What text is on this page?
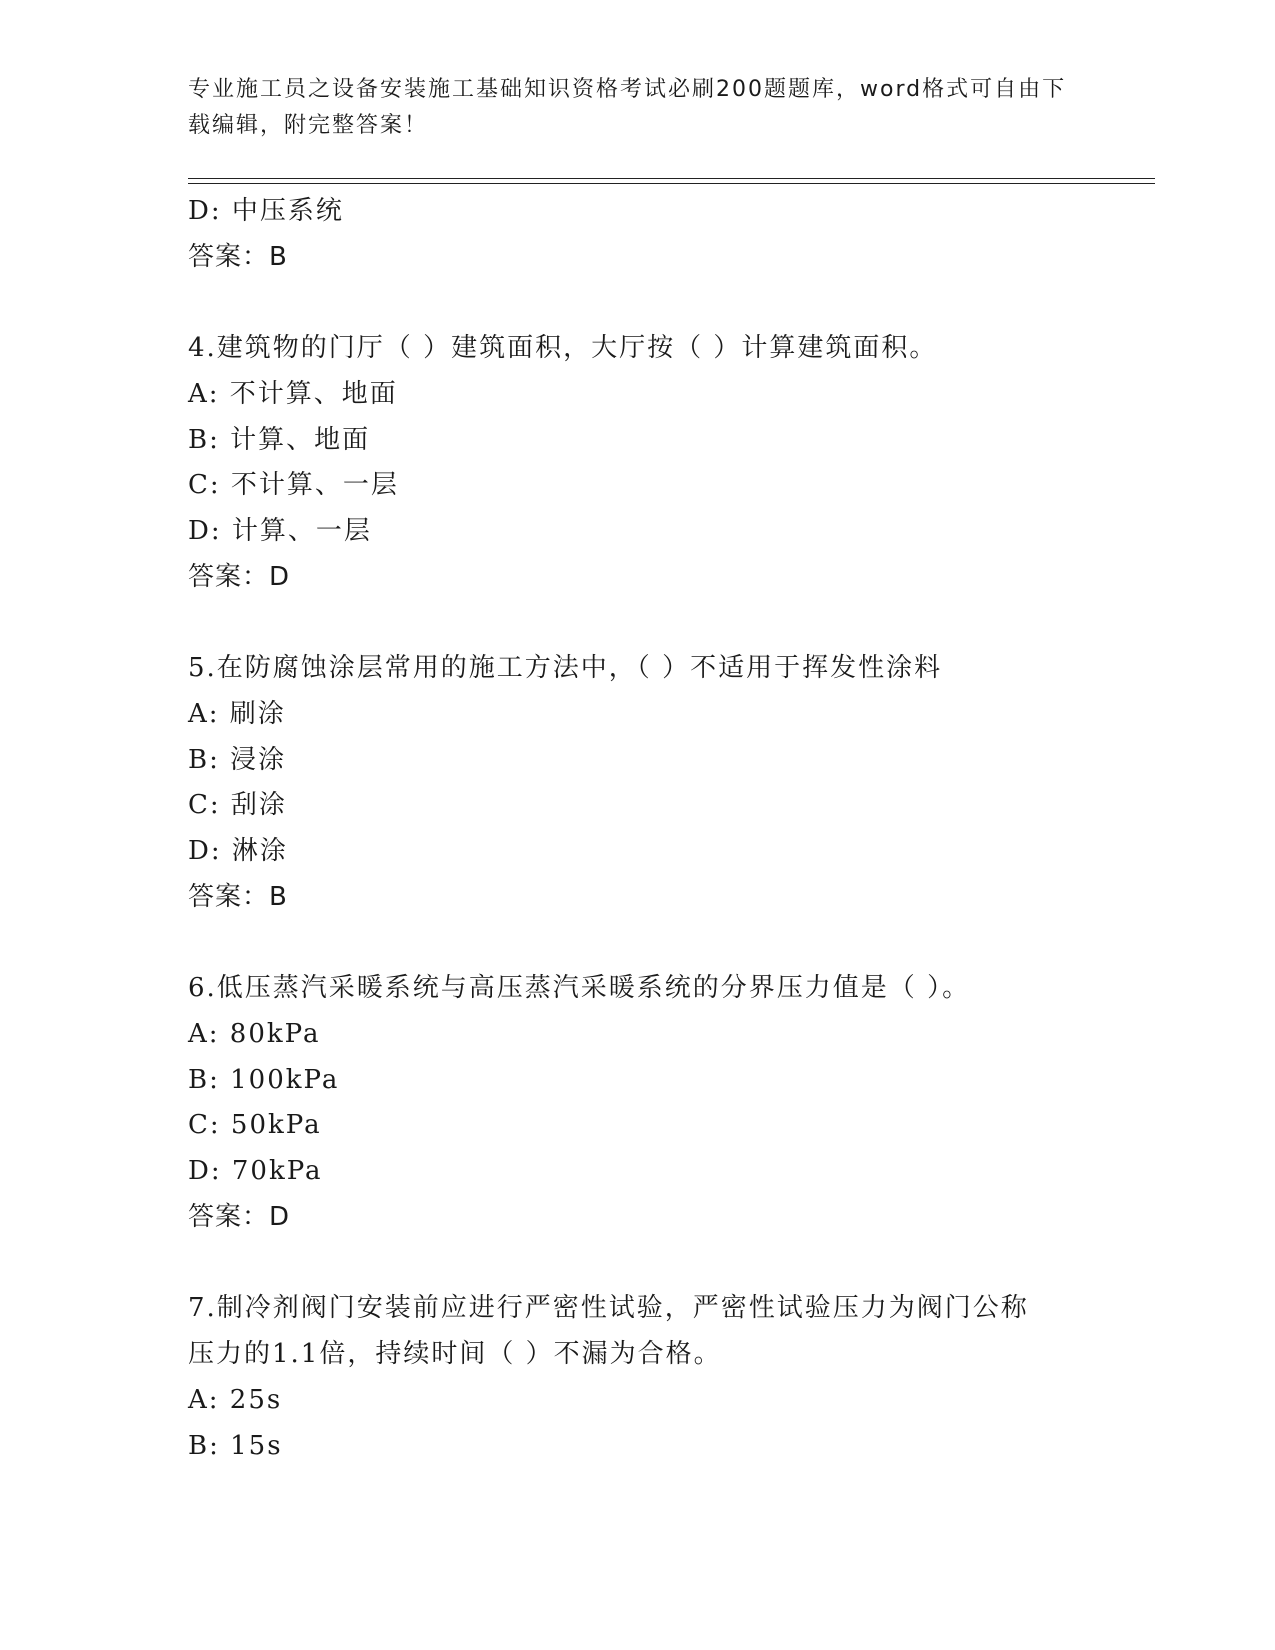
专业施工员之设备安装施工基础知识资格考试必刷200题题库，word格式可自由下载编辑，附完整答案！
D: 中压系统
答案：B
4.建筑物的门厅（ ）建筑面积，大厅按（ ）计算建筑面积。
A: 不计算、地面
B: 计算、地面
C: 不计算、一层
D: 计算、一层
答案：D
5.在防腐蚀涂层常用的施工方法中，（ ）不适用于挥发性涂料
A: 刷涂
B: 浸涂
C: 刮涂
D: 淋涂
答案：B
6.低压蒸汽采暖系统与高压蒸汽采暖系统的分界压力值是（ ）。
A: 80kPa
B: 100kPa
C: 50kPa
D: 70kPa
答案：D
7.制冷剂阀门安装前应进行严密性试验，严密性试验压力为阀门公称
压力的1.1倍，持续时间（ ）不漏为合格。
A: 25s
B: 15s
